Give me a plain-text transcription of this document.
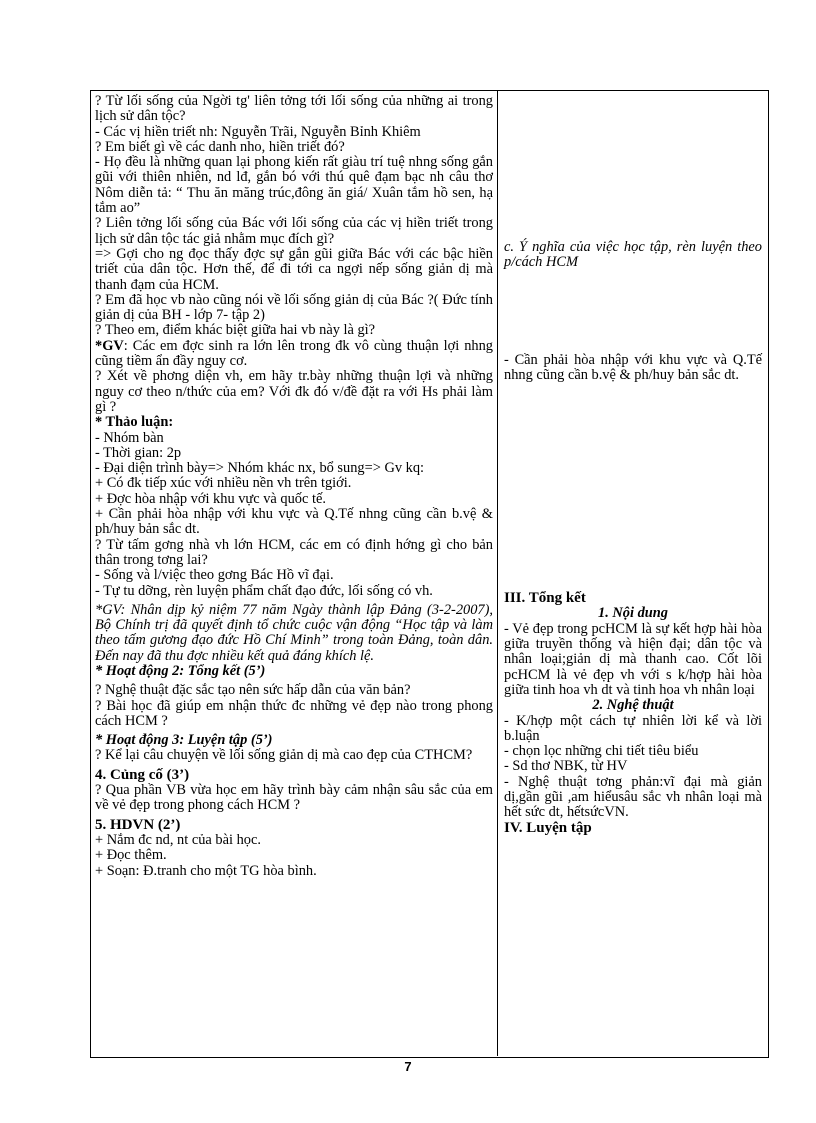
? Từ lối sống của Ngời tg' liên tởng tới lối sống của những ai trong lịch sử dân tộc?

- Các vị hiền triết nh: Nguyễn Trãi, Nguyễn Bỉnh Khiêm

? Em biết gì về các danh nho, hiền triết đó?

- Họ đều là những quan lại phong kiến rất giàu trí tuệ nhng sống gắn gũi với thiên nhiên, nd lđ, gắn bó với thú quê đạm bạc nh câu thơ Nôm diễn tả: “ Thu ăn măng trúc,đông ăn giá/ Xuân tắm hồ sen, hạ tắm ao”

? Liên tởng lối sống của Bác với lối sống của các vị hiền triết trong lịch sử dân tộc tác giả nhằm mục đích gì?

=> Gợi cho ng đọc thấy đợc sự gắn gũi giữa Bác với các bậc hiền triết của dân tộc. Hơn thế, để đi tới ca ngợi nếp sống giản dị mà thanh đạm của HCM.

? Em đã học vb nào cũng nói về lối sống giản dị của Bác ?( Đức tính giản dị của BH - lớp 7- tập 2)

? Theo em, điểm khác biệt giữa hai vb này là gì?

*GV: Các em đợc sinh ra lớn lên trong đk vô cùng thuận lợi nhng cũng tiềm ẩn đầy nguy cơ.

? Xét về phơng diện vh, em hãy tr.bày những thuận lợi và những nguy cơ theo n/thức của em? Với đk đó v/đề đặt ra với Hs phải làm gì ?

* Thảo luận:

- Nhóm bàn

- Thời gian: 2p

- Đại diện trình bày=> Nhóm khác nx, bổ sung=> Gv kq:

+ Có đk tiếp xúc với nhiều nền vh trên tgiới.

+ Đợc hòa nhập với khu vực và quốc tế.

+ Cần phải hòa nhập với khu vực và Q.Tế nhng cũng cần b.vệ & ph/huy bản sắc dt.

? Từ tấm gơng nhà vh lớn HCM, các em có định hớng gì cho bản thân trong tơng lai?

- Sống và l/việc theo gơng Bác Hồ vĩ đại.

- Tự tu dỡng, rèn luyện phẩm chất đạo đức, lối sống có vh.

*GV: Nhân dịp kỷ niệm 77 năm Ngày thành lập Đảng (3-2-2007), Bộ Chính trị đã quyết định tổ chức cuộc vận động “Học tập và làm theo tấm gương đạo đức Hồ Chí Minh” trong toàn Đảng, toàn dân. Đến nay đã thu đợc nhiều kết quả đáng khích lệ.

* Hoạt động 2: Tổng kết (5’)

? Nghệ thuật đặc sắc tạo nên sức hấp dẫn của văn bản?

? Bài học đã giúp em nhận thức đc những vẻ đẹp nào trong phong cách HCM ?

* Hoạt động 3: Luyện tập (5’)

? Kể lại câu chuyện về lối sống giản dị mà cao đẹp của CTHCM?

4. Củng cố (3’)

? Qua phần VB vừa học em hãy trình bày cảm nhận sâu sắc của em về vẻ đẹp trong phong cách HCM ?

5. HDVN (2’)

+ Nắm đc nd, nt của bài học.

+ Đọc thêm.

+ Soạn: Đ.tranh cho một TG hòa bình.

c. Ý nghĩa của việc học tập, rèn luyện theo p/cách HCM

- Cần phải hòa nhập với khu vực và Q.Tế nhng cũng cần b.vệ & ph/huy bản sắc dt.

III. Tổng kết

1. Nội dung

- Vẻ đẹp trong pcHCM là sự kết hợp hài hòa giữa truyền thống và hiện đại; dân tộc và nhân loại;giản dị mà thanh cao. Cốt lõi pcHCM là vẻ đẹp vh với s k/hợp hài hòa giữa tinh hoa vh dt và tinh hoa vh nhân loại

2. Nghệ thuật

- K/hợp một cách tự nhiên lời kể và lời b.luận

- chọn lọc những chi tiết tiêu biểu

- Sd thơ NBK, từ HV

- Nghệ thuật tơng phản:vĩ đại mà giản dị,gần gũi ,am hiểusâu sắc vh nhân loại mà hết sức dt, hếtsứcVN.

IV. Luyện tập

7
